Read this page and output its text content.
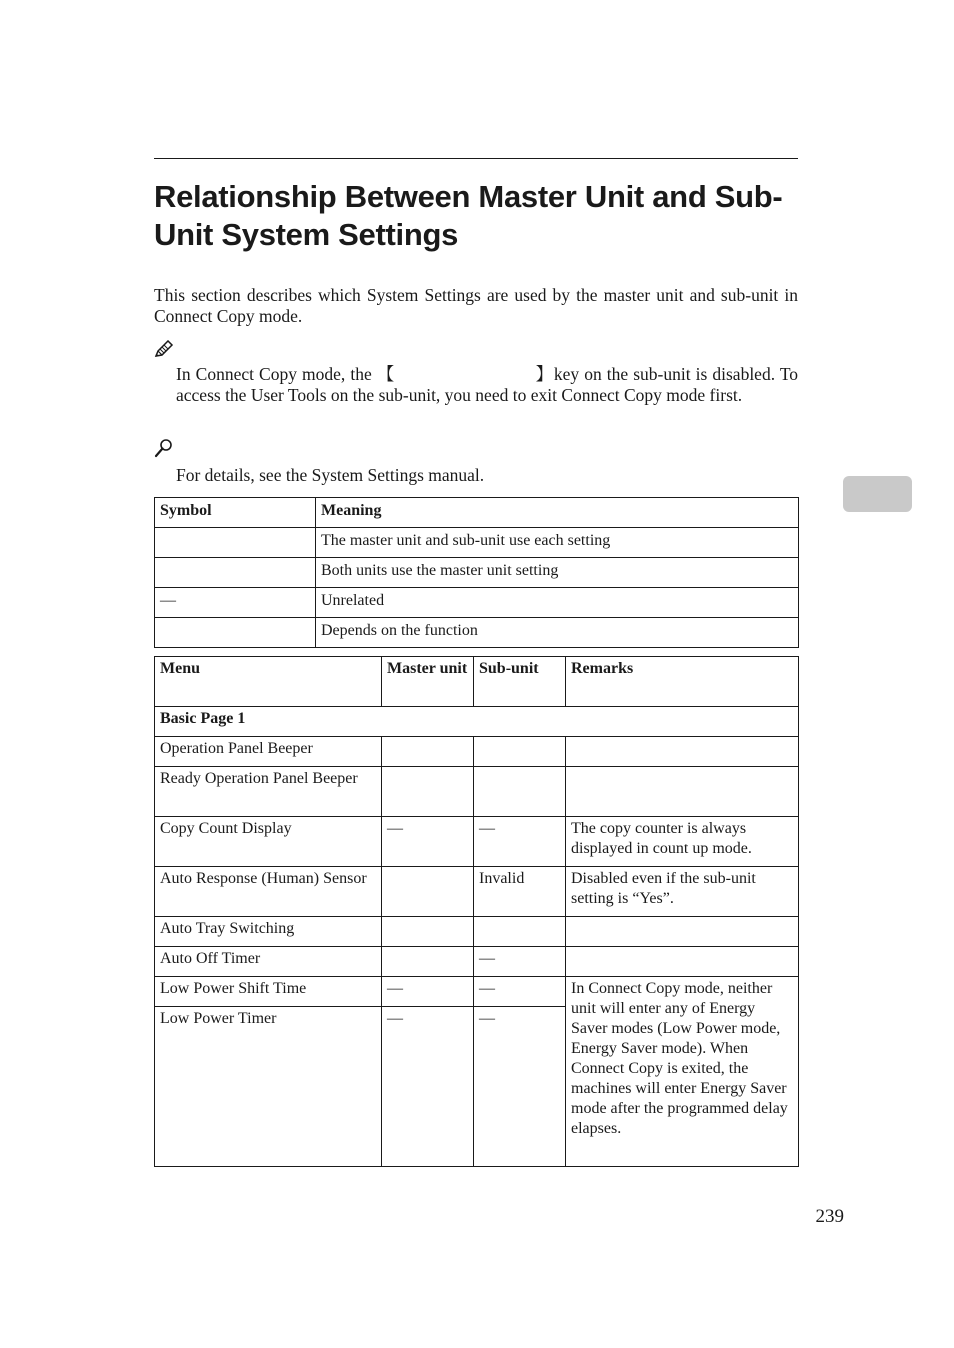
Relationship Between Master Unit and Sub-Unit System Settings

This section describes which System Settings are used by the master unit and sub-unit in Connect Copy mode.

In Connect Copy mode, the 【	】key on the sub-unit is disabled. To access the User Tools on the sub-unit, you need to exit Connect Copy mode first.

For details, see the System Settings manual.

Symbol	Meaning
	The master unit and sub-unit use each setting
	Both units use the master unit setting
—	Unrelated
	Depends on the function
Menu	Master unit	Sub-unit	Remarks
Basic Page 1			
Operation Panel Beeper			
Ready Operation Panel Beeper			
Copy Count Display	—	—	The copy counter is always displayed in count up mode.
Auto Response (Human) Sensor		Invalid	Disabled even if the sub-unit setting is “Yes”.
Auto Tray Switching			
Auto Off Timer		—	
Low Power Shift Time	—	—	In Connect Copy mode, neither unit will enter any of Energy Saver modes (Low Power mode, Energy Saver mode). When Connect Copy is exited, the machines will enter Energy Saver mode after the programmed delay elapses.
Low Power Timer	—	—	
239
